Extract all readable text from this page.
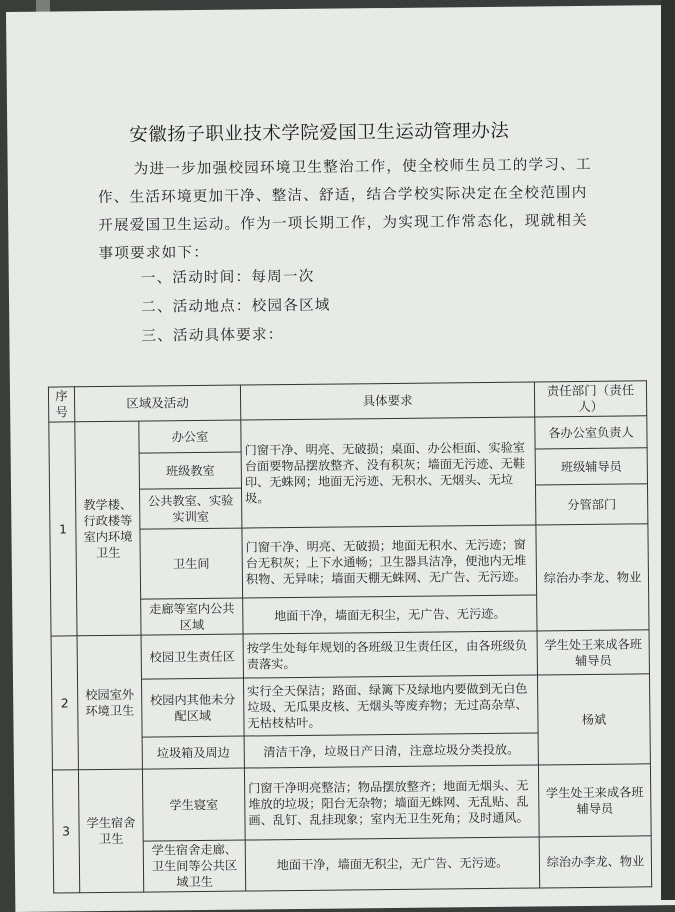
安徽扬子职业技术学院爱国卫生运动管理办法
为进一步加强校园环境卫生整治工作，使全校师生员工的学习、工作、生活环境更加干净、整洁、舒适，结合学校实际决定在全校范围内开展爱国卫生运动。作为一项长期工作，为实现工作常态化，现就相关事项要求如下：
一、活动时间：每周一次
二、活动地点：校园各区域
三、活动具体要求：
序号	区域及活动		具体要求	责任部门（责任人）
1	教学楼、行政楼等室内环境卫生	办公室	门窗干净、明亮、无破损；桌面、办公柜面、实验室台面要物品摆放整齐、没有积灰；墙面无污迹、无鞋印、无蛛网；地面无污迹、无积水、无烟头、无垃圾。	各办公室负责人
		班级教室		班级辅导员
		公共教室、实验实训室		分管部门
		卫生间	门窗干净、明亮、无破损；地面无积水、无污迹；窗台无积灰；上下水通畅；卫生器具洁净，便池内无堆积物、无异味；墙面天棚无蛛网、无广告、无污迹。	综治办李龙、物业
		走廊等室内公共区域	地面干净，墙面无积尘，无广告、无污迹。	
2	校园室外环境卫生	校园卫生责任区	按学生处每年规划的各班级卫生责任区，由各班级负责落实。	学生处王来成各班辅导员
		校园内其他未分配区域	实行全天保洁；路面、绿篱下及绿地内要做到无白色垃圾、无瓜果皮核、无烟头等废弃物；无过高杂草、无枯枝枯叶。	杨斌
		垃圾箱及周边	清洁干净，垃圾日产日清，注意垃圾分类投放。	
3	学生宿舍卫生	学生寝室	门窗干净明亮整洁；物品摆放整齐；地面无烟头、无堆放的垃圾；阳台无杂物；墙面无蛛网、无乱贴、乱画、乱钉、乱挂现象；室内无卫生死角；及时通风。	学生处王来成各班辅导员
		学生宿舍走廊、卫生间等公共区域卫生	地面干净，墙面无积尘，无广告、无污迹。	综治办李龙、物业
